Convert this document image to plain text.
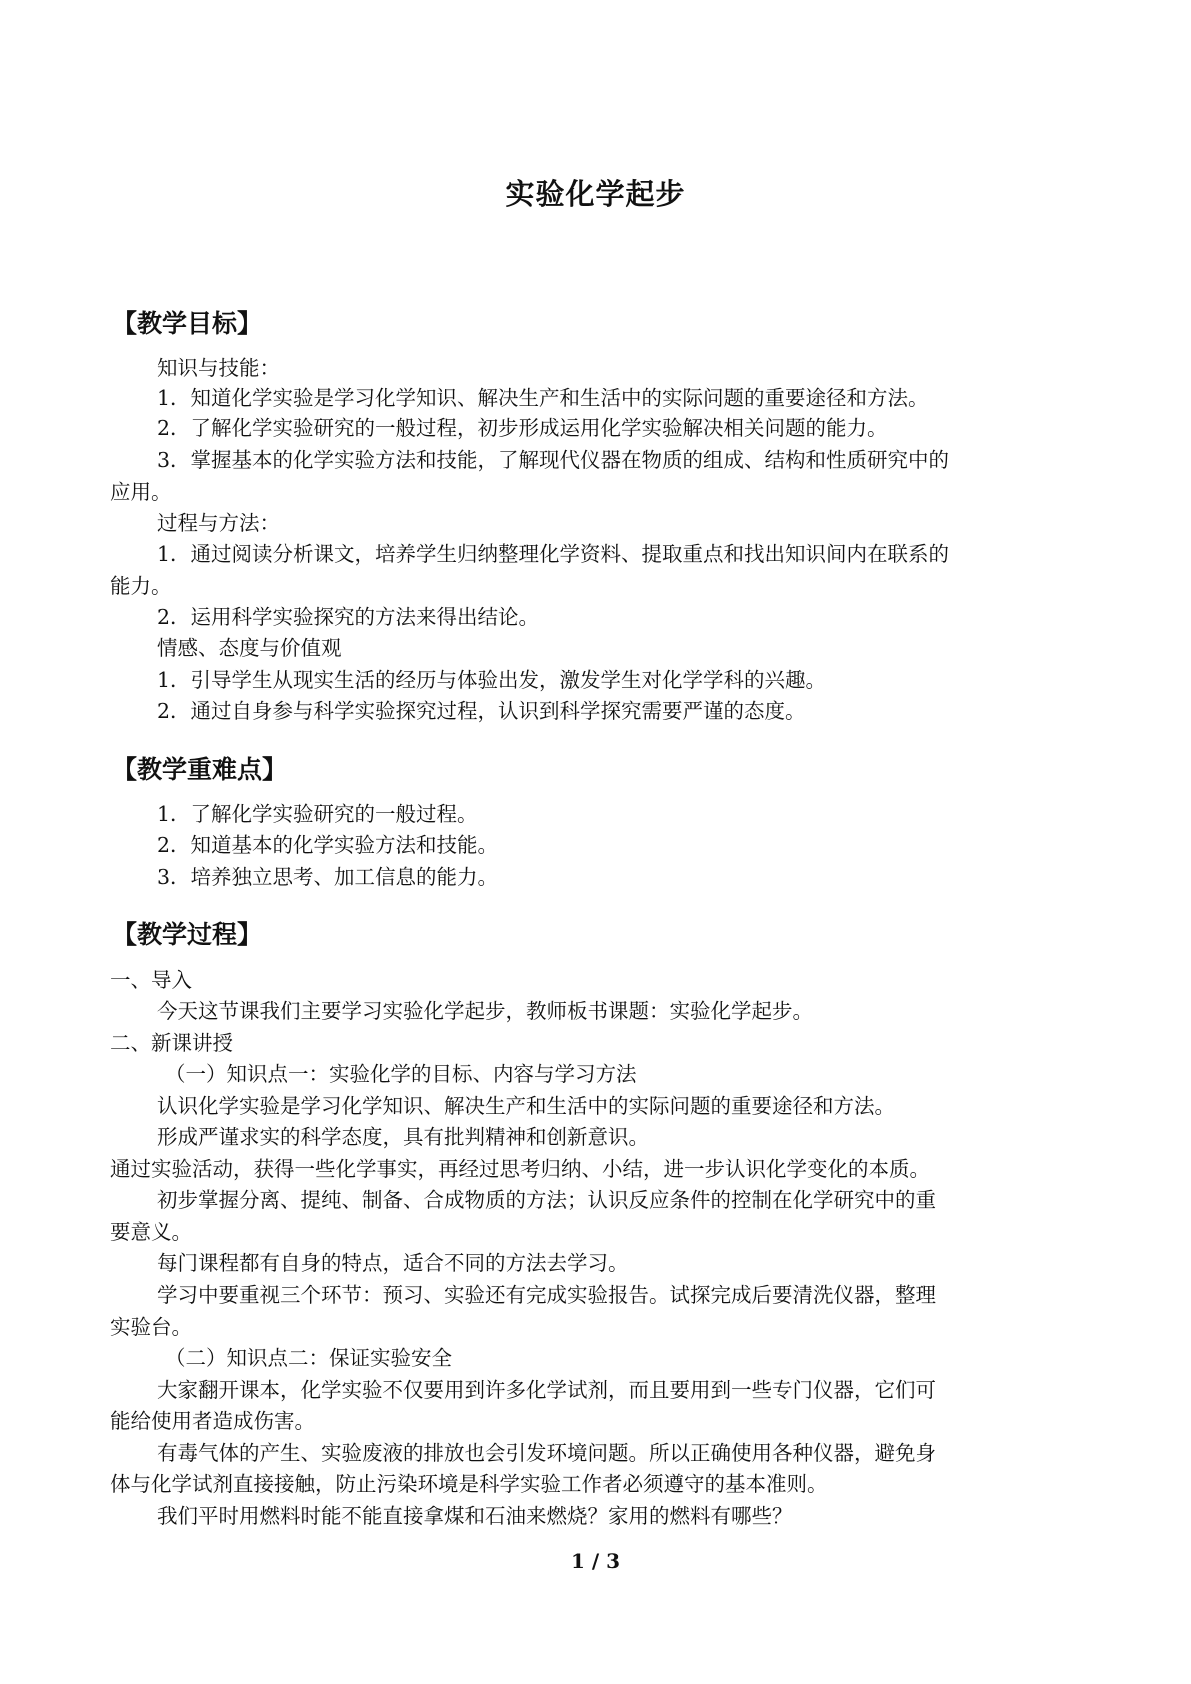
实验化学起步
【教学目标】
知识与技能：
1．知道化学实验是学习化学知识、解决生产和生活中的实际问题的重要途径和方法。
2．了解化学实验研究的一般过程，初步形成运用化学实验解决相关问题的能力。
3．掌握基本的化学实验方法和技能，了解现代仪器在物质的组成、结构和性质研究中的
应用。
过程与方法：
1．通过阅读分析课文，培养学生归纳整理化学资料、提取重点和找出知识间内在联系的
能力。
2．运用科学实验探究的方法来得出结论。
情感、态度与价值观
1．引导学生从现实生活的经历与体验出发，激发学生对化学学科的兴趣。
2．通过自身参与科学实验探究过程，认识到科学探究需要严谨的态度。
【教学重难点】
1．了解化学实验研究的一般过程。
2．知道基本的化学实验方法和技能。
3．培养独立思考、加工信息的能力。
【教学过程】
一、导入
今天这节课我们主要学习实验化学起步，教师板书课题：实验化学起步。
二、新课讲授
（一）知识点一：实验化学的目标、内容与学习方法
认识化学实验是学习化学知识、解决生产和生活中的实际问题的重要途径和方法。
形成严谨求实的科学态度，具有批判精神和创新意识。
通过实验活动，获得一些化学事实，再经过思考归纳、小结，进一步认识化学变化的本质。
初步掌握分离、提纯、制备、合成物质的方法；认识反应条件的控制在化学研究中的重
要意义。
每门课程都有自身的特点，适合不同的方法去学习。
学习中要重视三个环节：预习、实验还有完成实验报告。试探完成后要清洗仪器，整理
实验台。
（二）知识点二：保证实验安全
大家翻开课本，化学实验不仅要用到许多化学试剂，而且要用到一些专门仪器，它们可
能给使用者造成伤害。
有毒气体的产生、实验废液的排放也会引发环境问题。所以正确使用各种仪器，避免身
体与化学试剂直接接触，防止污染环境是科学实验工作者必须遵守的基本准则。
我们平时用燃料时能不能直接拿煤和石油来燃烧？家用的燃料有哪些？
1 / 3
